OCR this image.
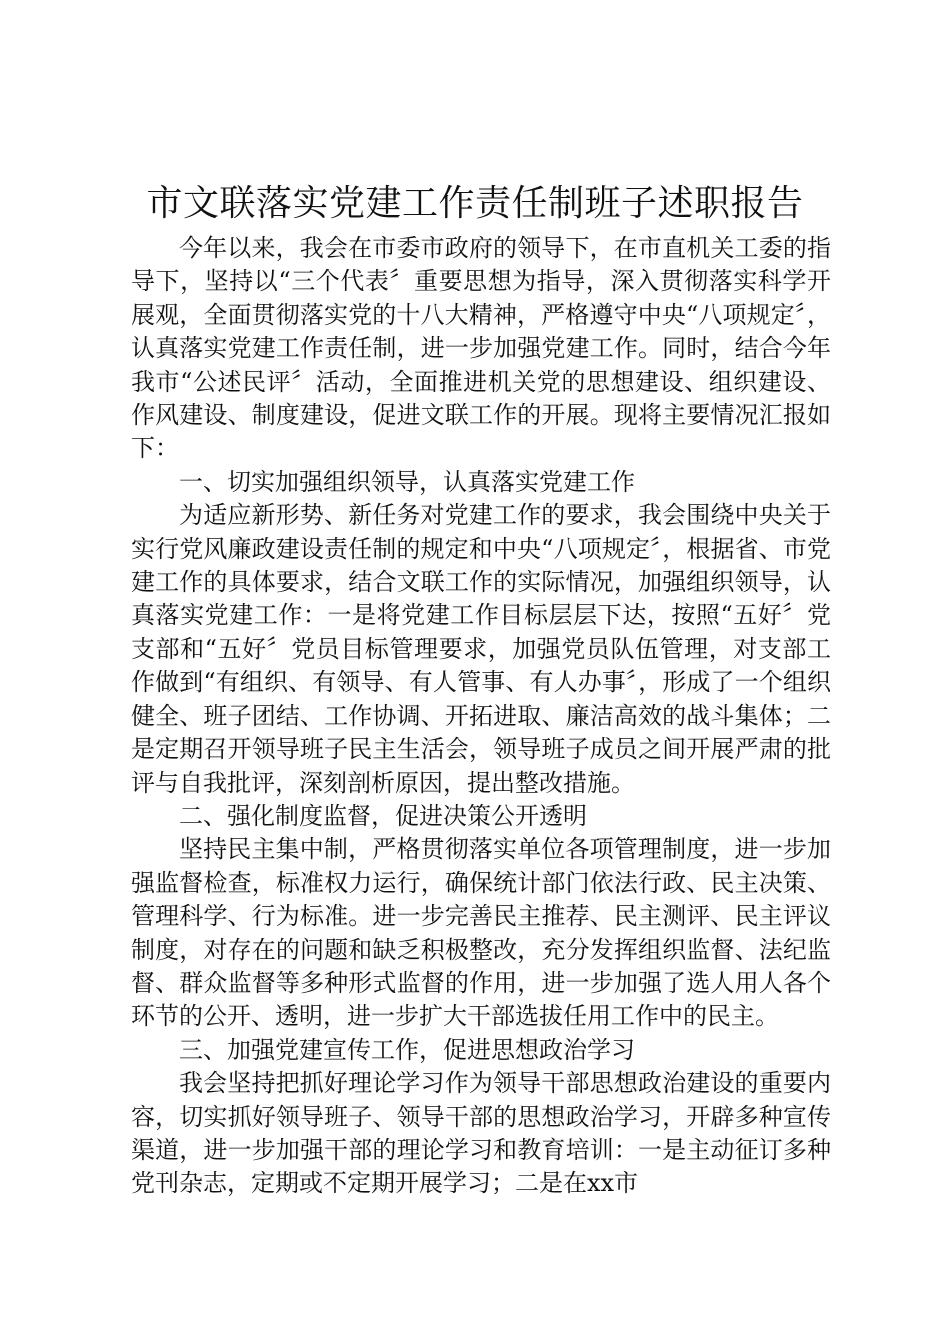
市文联落实党建工作责任制班子述职报告

今年以来，我会在市委市政府的领导下，在市直机关工委的指导下，坚持以“三个代表〞重要思想为指导，深入贯彻落实科学开展观，全面贯彻落实党的十八大精神，严格遵守中央“八项规定〞，认真落实党建工作责任制，进一步加强党建工作。同时，结合今年我市“公述民评〞活动，全面推进机关党的思想建设、组织建设、作风建设、制度建设，促进文联工作的开展。现将主要情况汇报如下：

一、切实加强组织领导，认真落实党建工作

为适应新形势、新任务对党建工作的要求，我会围绕中央关于实行党风廉政建设责任制的规定和中央“八项规定〞，根据省、市党建工作的具体要求，结合文联工作的实际情况，加强组织领导，认真落实党建工作：一是将党建工作目标层层下达，按照“五好〞党支部和“五好〞党员目标管理要求，加强党员队伍管理，对支部工作做到“有组织、有领导、有人管事、有人办事〞，形成了一个组织健全、班子团结、工作协调、开拓进取、廉洁高效的战斗集体；二是定期召开领导班子民主生活会，领导班子成员之间开展严肃的批评与自我批评，深刻剖析原因，提出整改措施。

二、强化制度监督，促进决策公开透明

坚持民主集中制，严格贯彻落实单位各项管理制度，进一步加强监督检查，标准权力运行，确保统计部门依法行政、民主决策、管理科学、行为标准。进一步完善民主推荐、民主测评、民主评议制度，对存在的问题和缺乏积极整改，充分发挥组织监督、法纪监督、群众监督等多种形式监督的作用，进一步加强了选人用人各个环节的公开、透明，进一步扩大干部选拔任用工作中的民主。

三、加强党建宣传工作，促进思想政治学习

我会坚持把抓好理论学习作为领导干部思想政治建设的重要内容，切实抓好领导班子、领导干部的思想政治学习，开辟多种宣传渠道，进一步加强干部的理论学习和教育培训：一是主动征订多种党刊杂志，定期或不定期开展学习；二是在xx市
